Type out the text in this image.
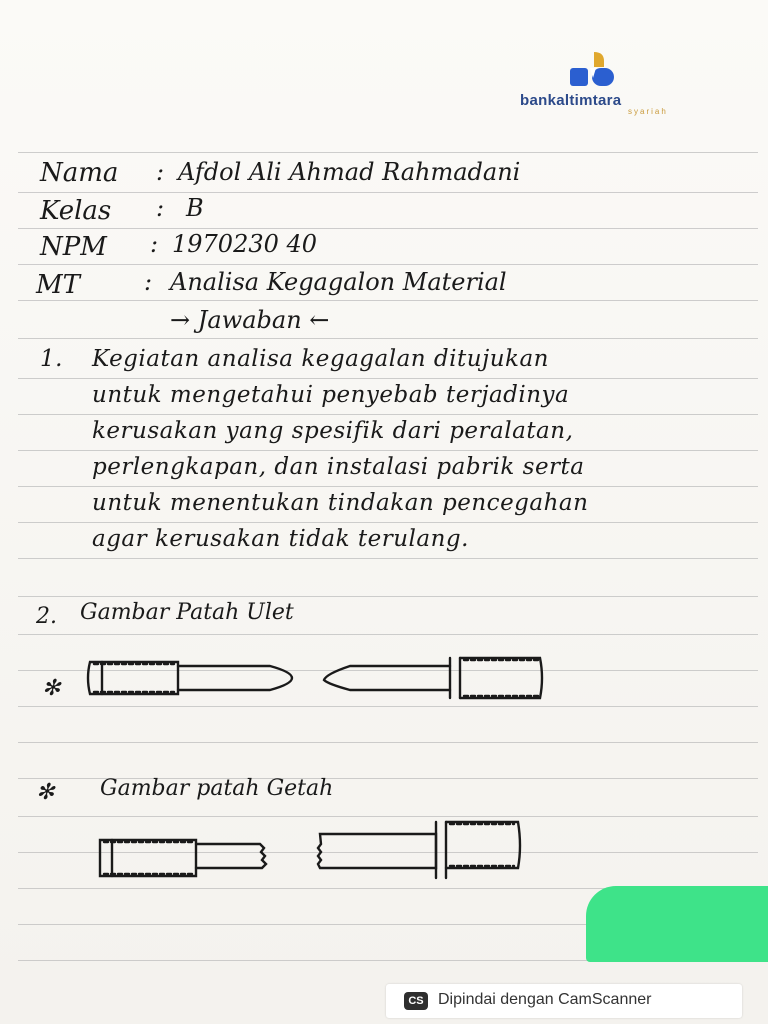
bankaltimtara
syariah
Nama : Afdol Ali Ahmad Rahmadani
Kelas : B
NPM : 1970230 40
MT	: Analisa Kegagalon Material
→ Jawaban ←
1. Kegiatan analisa kegagalan ditujukan
untuk mengetahui penyebab terjadinya
kerusakan yang spesifik dari peralatan,
perlengkapan, dan instalasi pabrik serta
untuk menentukan tindakan pencegahan
agar kerusakan tidak terulang.
2. Gambar Patah Ulet
✻
✻ Gambar patah Getah
CS Dipindai dengan CamScanner
